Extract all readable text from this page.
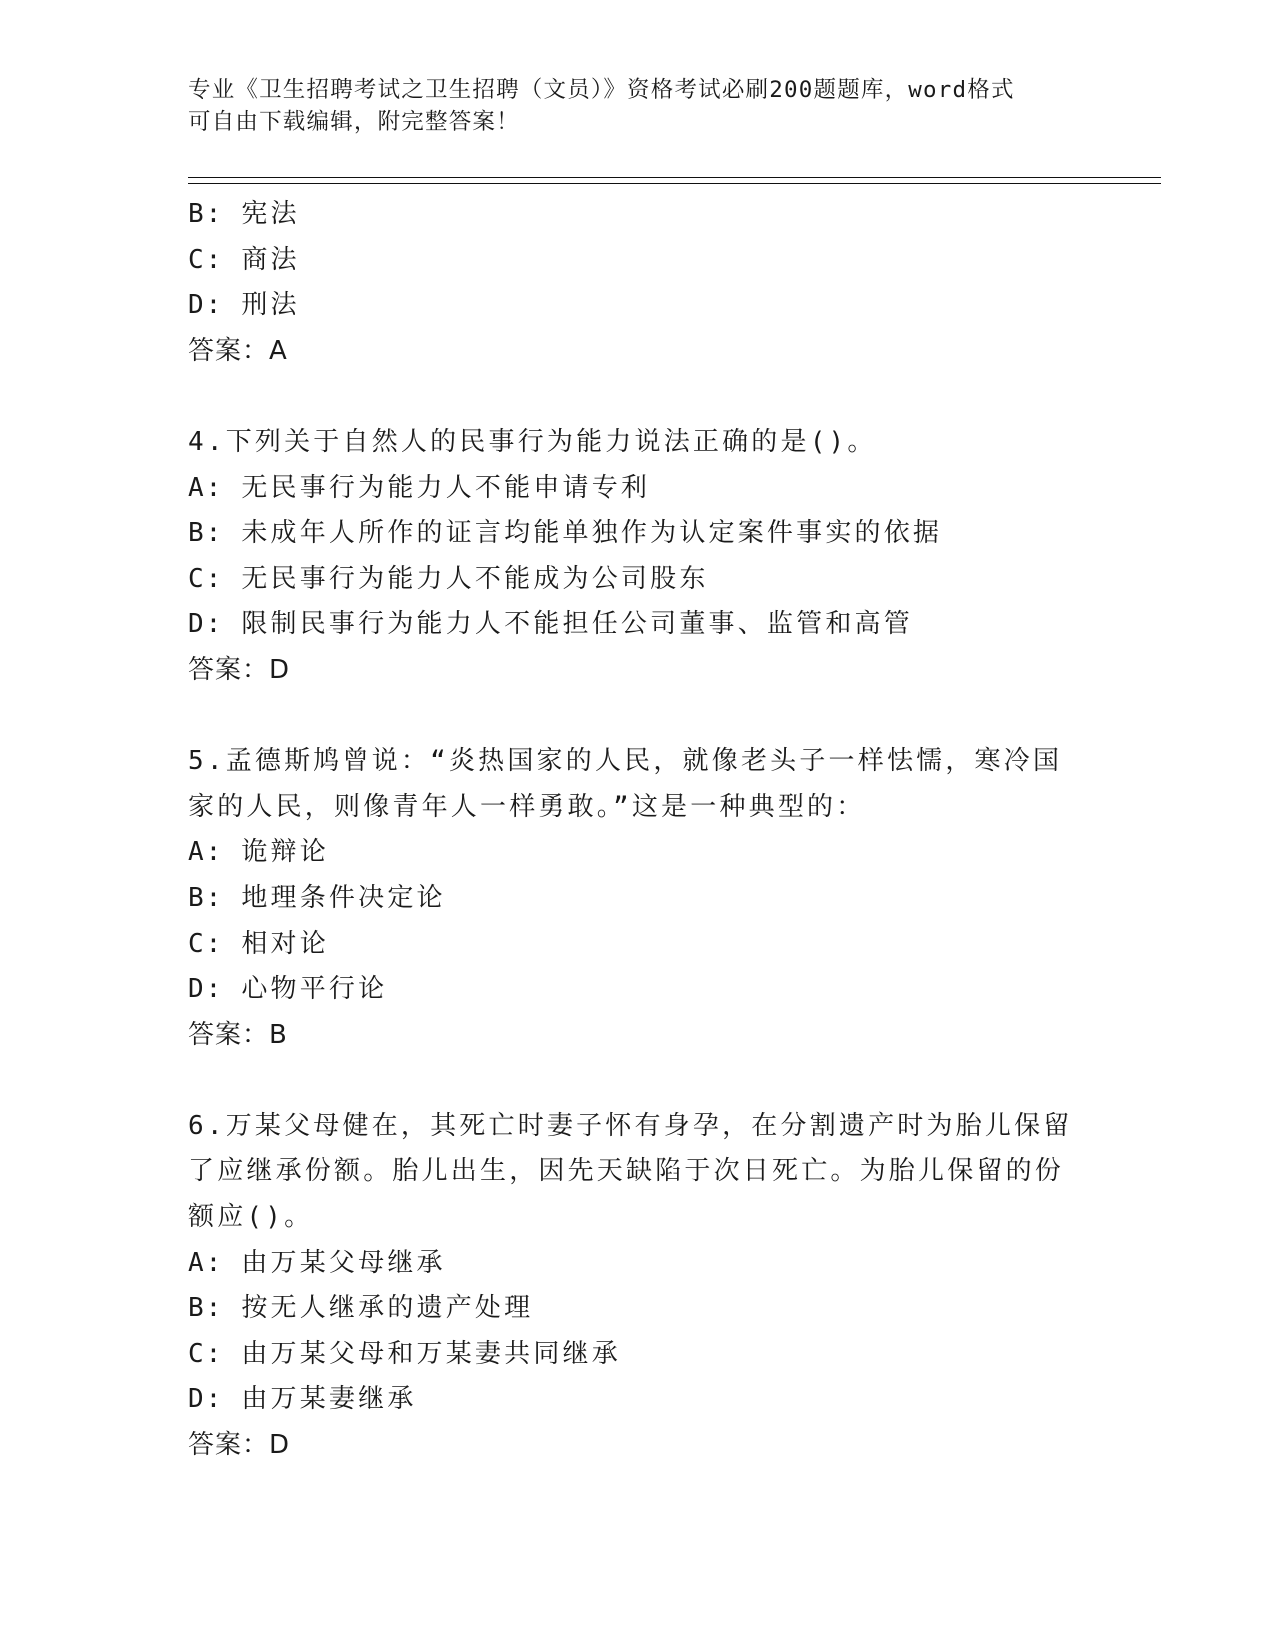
专业《卫生招聘考试之卫生招聘（文员）》资格考试必刷200题题库，word格式
可自由下载编辑，附完整答案！
B: 宪法
C: 商法
D: 刑法
答案：A
4.下列关于自然人的民事行为能力说法正确的是()。
A: 无民事行为能力人不能申请专利
B: 未成年人所作的证言均能单独作为认定案件事实的依据
C: 无民事行为能力人不能成为公司股东
D: 限制民事行为能力人不能担任公司董事、监管和高管
答案：D
5.孟德斯鸠曾说：“炎热国家的人民，就像老头子一样怯懦，寒冷国
家的人民，则像青年人一样勇敢。”这是一种典型的：
A: 诡辩论
B: 地理条件决定论
C: 相对论
D: 心物平行论
答案：B
6.万某父母健在，其死亡时妻子怀有身孕，在分割遗产时为胎儿保留
了应继承份额。胎儿出生，因先天缺陷于次日死亡。为胎儿保留的份
额应()。
A: 由万某父母继承
B: 按无人继承的遗产处理
C: 由万某父母和万某妻共同继承
D: 由万某妻继承
答案：D
